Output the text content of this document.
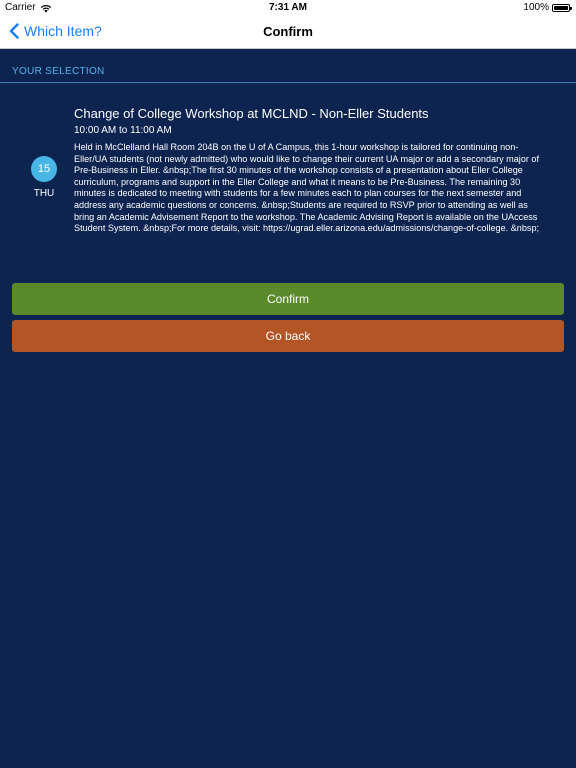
Carrier	7:31 AM	100%
Which Item?	Confirm
YOUR SELECTION
15
THU
Change of College Workshop at MCLND - Non-Eller Students
10:00 AM to 11:00 AM
Held in McClelland Hall Room 204B on the U of A Campus, this 1-hour workshop is tailored for continuing non-Eller/UA students (not newly admitted) who would like to change their current UA major or add a secondary major of Pre-Business in Eller. &nbsp;The first 30 minutes of the workshop consists of a presentation about Eller College curriculum, programs and support in the Eller College and what it means to be Pre-Business. The remaining 30 minutes is dedicated to meeting with students for a few minutes each to plan courses for the next semester and address any academic questions or concerns. &nbsp;Students are required to RSVP prior to attending as well as bring an Academic Advisement Report to the workshop. The Academic Advising Report is available on the UAccess Student System. &nbsp;For more details, visit: https://ugrad.eller.arizona.edu/admissions/change-of-college. &nbsp;
Confirm
Go back
